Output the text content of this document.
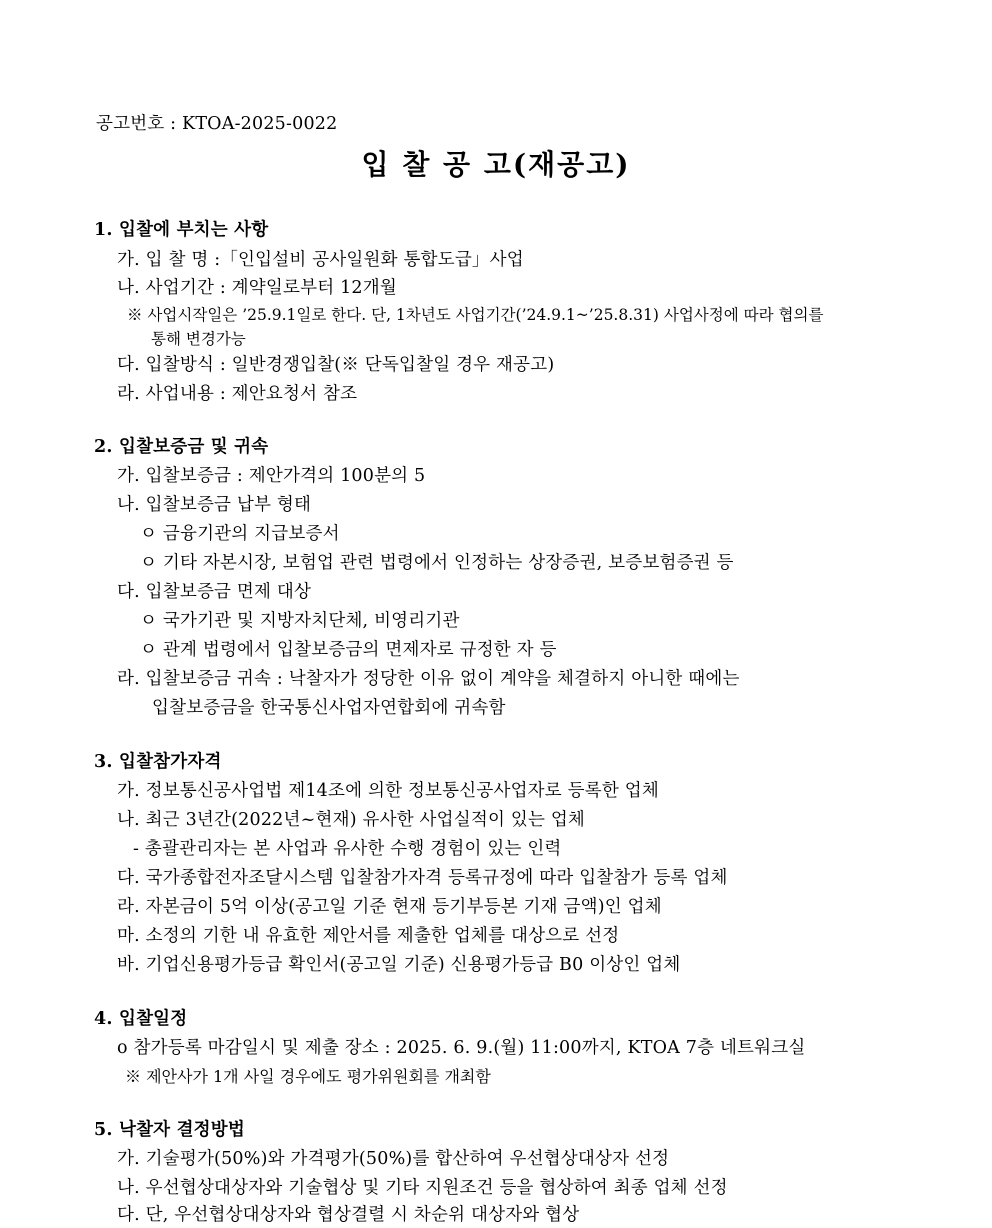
공고번호 : KTOA-2025-0022
입 찰 공 고(재공고)
1. 입찰에 부치는 사항
가. 입 찰 명 :「인입설비 공사일원화 통합도급」사업
나. 사업기간 : 계약일로부터 12개월
※ 사업시작일은 ’25.9.1일로 한다. 단, 1차년도 사업기간(’24.9.1~’25.8.31) 사업사정에 따라 협의를
통해 변경가능
다. 입찰방식 : 일반경쟁입찰(※ 단독입찰일 경우 재공고)
라. 사업내용 : 제안요청서 참조
2. 입찰보증금 및 귀속
가. 입찰보증금 : 제안가격의 100분의 5
나. 입찰보증금 납부 형태
ㅇ 금융기관의 지급보증서
ㅇ 기타 자본시장, 보험업 관련 법령에서 인정하는 상장증권, 보증보험증권 등
다. 입찰보증금 면제 대상
ㅇ 국가기관 및 지방자치단체, 비영리기관
ㅇ 관계 법령에서 입찰보증금의 면제자로 규정한 자 등
라. 입찰보증금 귀속 : 낙찰자가 정당한 이유 없이 계약을 체결하지 아니한 때에는
입찰보증금을 한국통신사업자연합회에 귀속함
3. 입찰참가자격
가. 정보통신공사업법 제14조에 의한 정보통신공사업자로 등록한 업체
나. 최근 3년간(2022년~현재) 유사한 사업실적이 있는 업체
- 총괄관리자는 본 사업과 유사한 수행 경험이 있는 인력
다. 국가종합전자조달시스템 입찰참가자격 등록규정에 따라 입찰참가 등록 업체
라. 자본금이 5억 이상(공고일 기준 현재 등기부등본 기재 금액)인 업체
마. 소정의 기한 내 유효한 제안서를 제출한 업체를 대상으로 선정
바. 기업신용평가등급 확인서(공고일 기준) 신용평가등급 B0 이상인 업체
4. 입찰일정
o 참가등록 마감일시 및 제출 장소 : 2025. 6. 9.(월) 11:00까지, KTOA 7층 네트워크실
※ 제안사가 1개 사일 경우에도 평가위원회를 개최함
5. 낙찰자 결정방법
가. 기술평가(50%)와 가격평가(50%)를 합산하여 우선협상대상자 선정
나. 우선협상대상자와 기술협상 및 기타 지원조건 등을 협상하여 최종 업체 선정
다. 단, 우선협상대상자와 협상결렬 시 차순위 대상자와 협상
